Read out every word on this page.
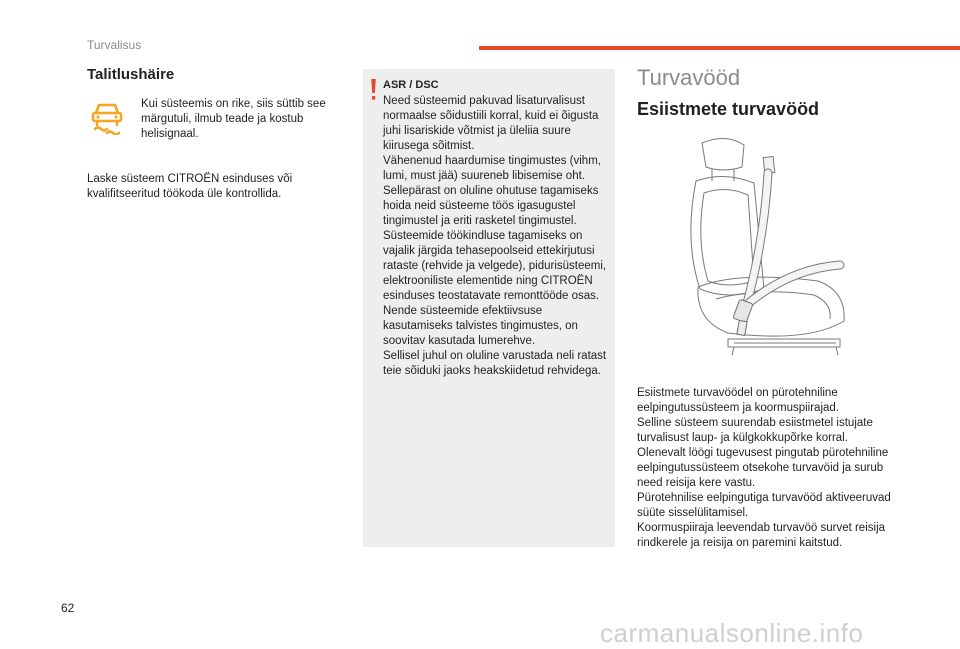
Turvalisus
Talitlushäire
Kui süsteemis on rike, siis süttib see märgutuli, ilmub teade ja kostub helisignaal.
Laske süsteem CITROËN esinduses või kvalifitseeritud töökoda üle kontrollida.
ASR / DSC
Need süsteemid pakuvad lisaturvalisust normaalse sõidustiili korral, kuid ei õigusta juhi lisariskide võtmist ja üleliia suure kiirusega sõitmist.
Vähenenud haardumise tingimustes (vihm, lumi, must jää) suureneb libisemise oht. Sellepärast on oluline ohutuse tagamiseks hoida neid süsteeme töös igasugustel tingimustel ja eriti rasketel tingimustel.
Süsteemide töökindluse tagamiseks on vajalik järgida tehasepoolseid ettekirjutusi rataste (rehvide ja velgede), pidurisüsteemi, elektrooniliste elementide ning CITROËN esinduses teostatavate remonttööde osas.
Nende süsteemide efektiivsuse kasutamiseks talvistes tingimustes, on soovitav kasutada lumerehve.
Sellisel juhul on oluline varustada neli ratast teie sõiduki jaoks heakskiidetud rehvidega.
Turvavööd
Esiistmete turvavööd
Esiistmete turvavöödel on pürotehniline eelpingutussüsteem ja koormuspiirajad.
Selline süsteem suurendab esiistmetel istujate turvalisust laup- ja külgkokkupõrke korral. Olenevalt löögi tugevusest pingutab pürotehniline eelpingutussüsteem otsekohe turvavöid ja surub need reisija kere vastu.
Pürotehnilise eelpingutiga turvavööd aktiveeruvad süüte sisselülitamisel.
Koormuspiiraja leevendab turvavöö survet reisija rindkerele ja reisija on paremini kaitstud.
62
carmanualsonline.info
